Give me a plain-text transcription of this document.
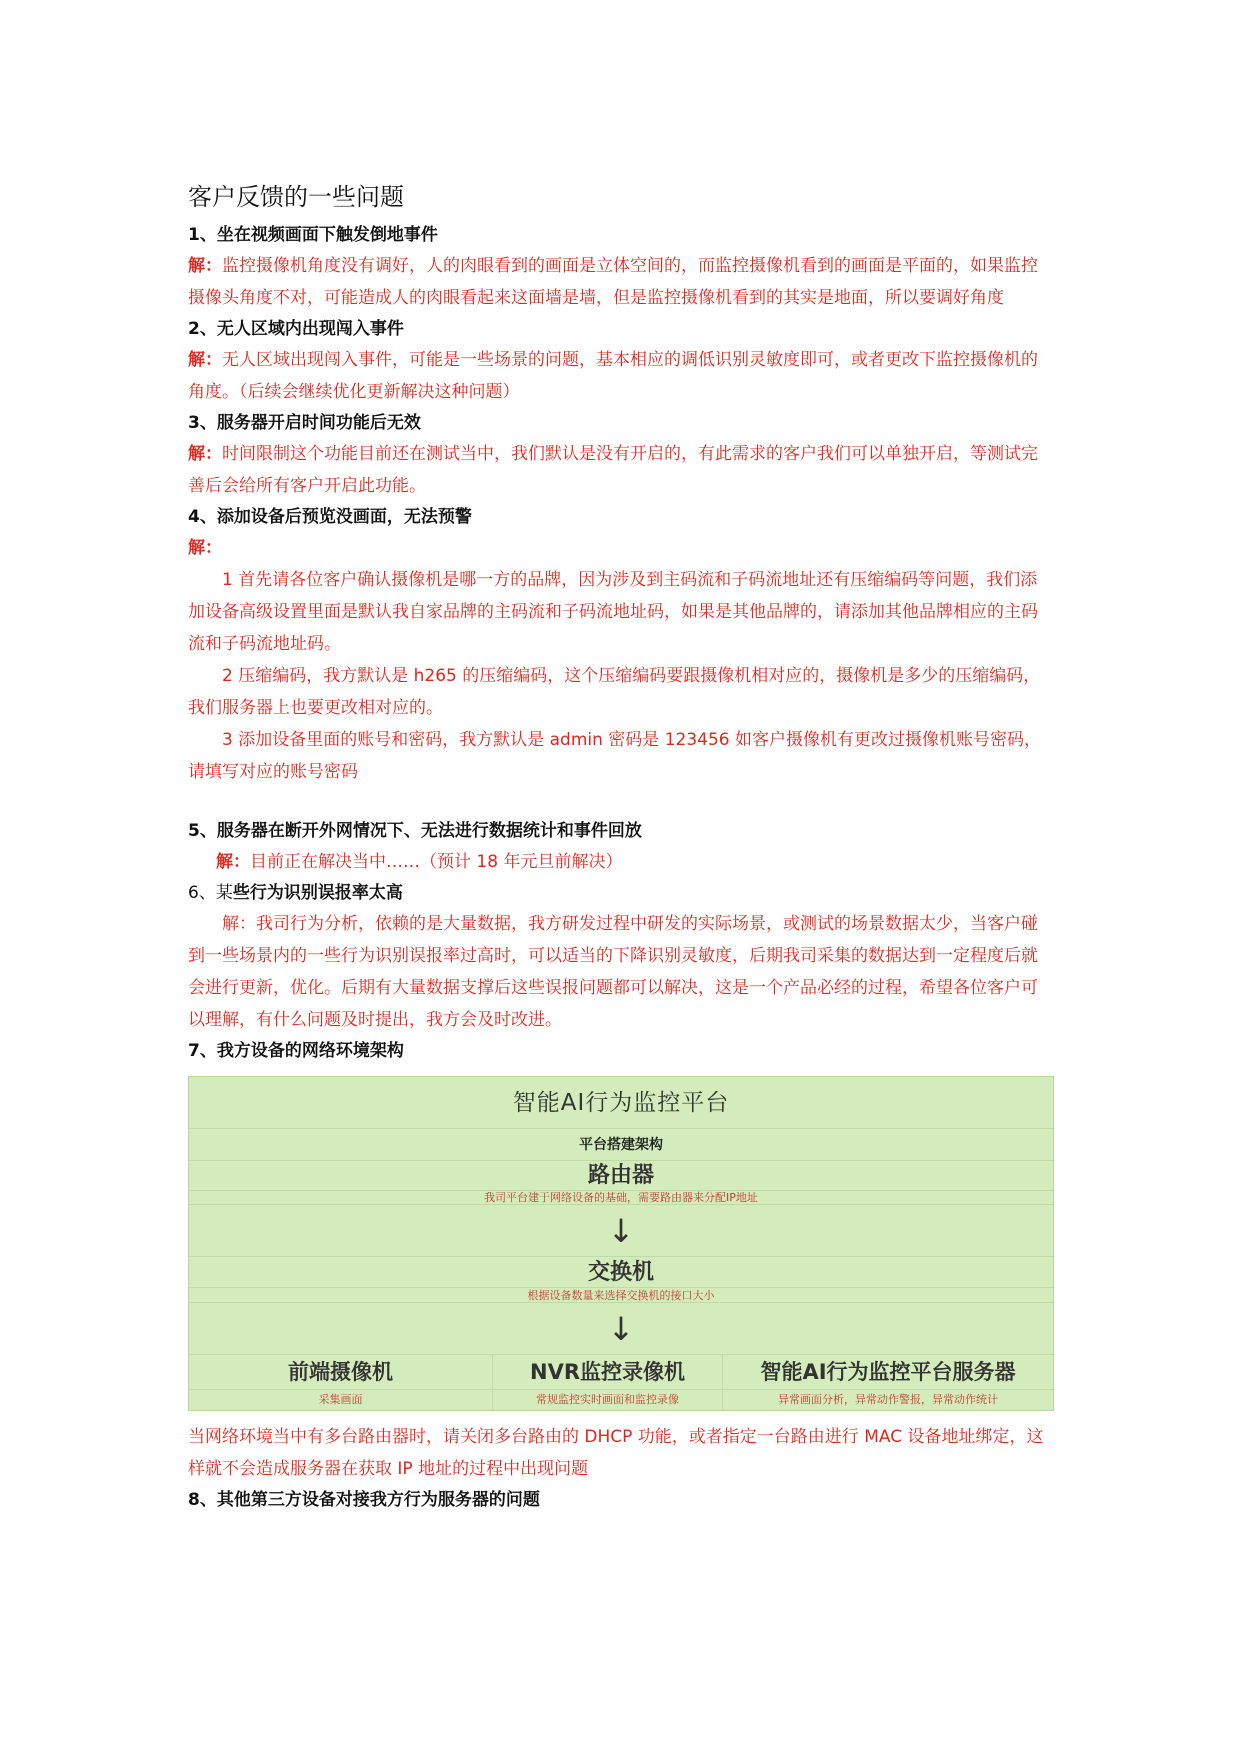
客户反馈的一些问题

1、坐在视频画面下触发倒地事件

解：监控摄像机角度没有调好，人的肉眼看到的画面是立体空间的，而监控摄像机看到的画面是平面的，如果监控摄像头角度不对，可能造成人的肉眼看起来这面墙是墙，但是监控摄像机看到的其实是地面，所以要调好角度

2、无人区域内出现闯入事件

解：无人区域出现闯入事件，可能是一些场景的问题，基本相应的调低识别灵敏度即可，或者更改下监控摄像机的角度。（后续会继续优化更新解决这种问题）

3、服务器开启时间功能后无效

解：时间限制这个功能目前还在测试当中，我们默认是没有开启的，有此需求的客户我们可以单独开启，等测试完善后会给所有客户开启此功能。

4、添加设备后预览没画面，无法预警

解：

1 首先请各位客户确认摄像机是哪一方的品牌，因为涉及到主码流和子码流地址还有压缩编码等问题，我们添加设备高级设置里面是默认我自家品牌的主码流和子码流地址码，如果是其他品牌的，请添加其他品牌相应的主码流和子码流地址码。

2 压缩编码，我方默认是 h265 的压缩编码，这个压缩编码要跟摄像机相对应的，摄像机是多少的压缩编码，我们服务器上也要更改相对应的。

3 添加设备里面的账号和密码，我方默认是 admin 密码是 123456 如客户摄像机有更改过摄像机账号密码，请填写对应的账号密码

5、服务器在断开外网情况下、无法进行数据统计和事件回放

解：目前正在解决当中……（预计 18 年元旦前解决）

6、某些行为识别误报率太高

解：我司行为分析，依赖的是大量数据，我方研发过程中研发的实际场景，或测试的场景数据太少，当客户碰到一些场景内的一些行为识别误报率过高时，可以适当的下降识别灵敏度，后期我司采集的数据达到一定程度后就会进行更新，优化。后期有大量数据支撑后这些误报问题都可以解决，这是一个产品必经的过程，希望各位客户可以理解，有什么问题及时提出，我方会及时改进。

7、我方设备的网络环境架构

智能AI行为监控平台
平台搭建架构
路由器
我司平台建于网络设备的基础，需要路由器来分配IP地址
↓
交换机
根据设备数量来选择交换机的接口大小
↓
前端摄像机
采集画面
NVR监控录像机
常规监控实时画面和监控录像
智能AI行为监控平台服务器
异常画面分析，异常动作警报，异常动作统计

当网络环境当中有多台路由器时，请关闭多台路由的 DHCP 功能，或者指定一台路由进行 MAC 设备地址绑定，这样就不会造成服务器在获取 IP 地址的过程中出现问题

8、其他第三方设备对接我方行为服务器的问题
